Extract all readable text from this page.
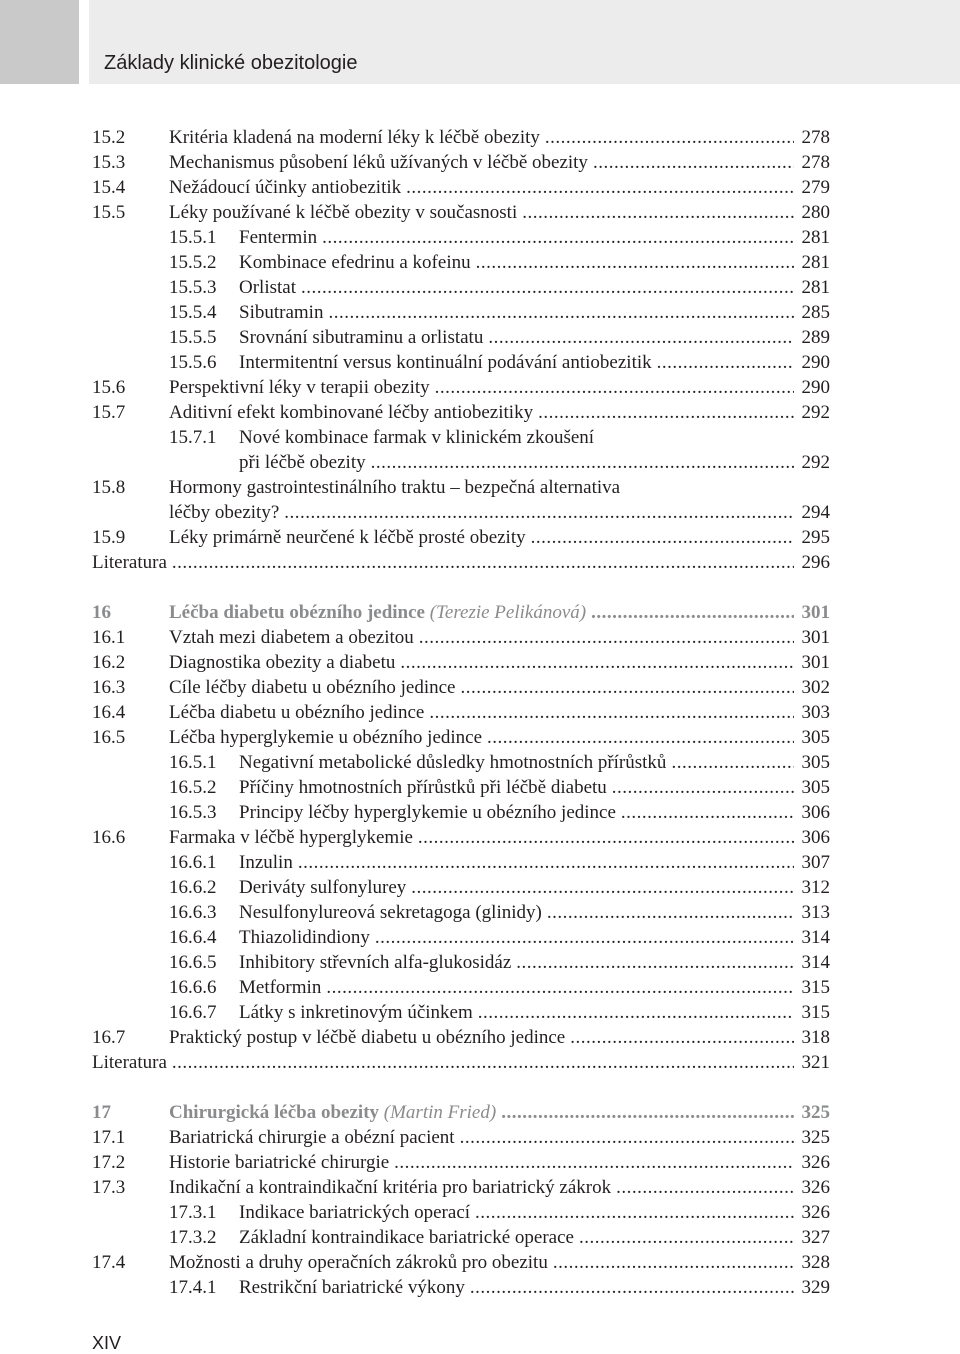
Základy klinické obezitologie
15.2 Kritéria kladená na moderní léky k léčbě obezity .....	278
15.3 Mechanismus působení léků užívaných v léčbě obezity .....	278
15.4 Nežádoucí účinky antiobezitik .....	279
15.5 Léky používané k léčbě obezity v současnosti .....	280
15.5.1 Fentermin .....	281
15.5.2 Kombinace efedrinu a kofeinu .....	281
15.5.3 Orlistat .....	281
15.5.4 Sibutramin .....	285
15.5.5 Srovnání sibutraminu a orlistatu .....	289
15.5.6 Intermitentní versus kontinuální podávání antiobezitik .....	290
15.6 Perspektivní léky v terapii obezity .....	290
15.7 Aditivní efekt kombinované léčby antiobezitiky .....	292
15.7.1 Nové kombinace farmak v klinickém zkoušení
při léčbě obezity .....	292
15.8 Hormony gastrointestinálního traktu – bezpečná alternativa
léčby obezity? .....	294
15.9 Léky primárně neurčené k léčbě prosté obezity .....	295
Literatura .....	296
16	Léčba diabetu obézního jedince (Terezie Pelikánová) .....	301
16.1 Vztah mezi diabetem a obezitou .....	301
16.2 Diagnostika obezity a diabetu .....	301
16.3 Cíle léčby diabetu u obézního jedince .....	302
16.4 Léčba diabetu u obézního jedince .....	303
16.5 Léčba hyperglykemie u obézního jedince .....	305
16.5.1 Negativní metabolické důsledky hmotnostních přírůstků .....	305
16.5.2 Příčiny hmotnostních přírůstků při léčbě diabetu .....	305
16.5.3 Principy léčby hyperglykemie u obézního jedince .....	306
16.6 Farmaka v léčbě hyperglykemie .....	306
16.6.1 Inzulin .....	307
16.6.2 Deriváty sulfonylurey .....	312
16.6.3 Nesulfonylureová sekretagoga (glinidy) .....	313
16.6.4 Thiazolidindiony .....	314
16.6.5 Inhibitory střevních alfa-glukosidáz .....	314
16.6.6 Metformin .....	315
16.6.7 Látky s inkretinovým účinkem .....	315
16.7 Praktický postup v léčbě diabetu u obézního jedince .....	318
Literatura .....	321
17	Chirurgická léčba obezity (Martin Fried) .....	325
17.1 Bariatrická chirurgie a obézní pacient .....	325
17.2 Historie bariatrické chirurgie .....	326
17.3 Indikační a kontraindikační kritéria pro bariatrický zákrok .....	326
17.3.1 Indikace bariatrických operací .....	326
17.3.2 Základní kontraindikace bariatrické operace .....	327
17.4 Možnosti a druhy operačních zákroků pro obezitu .....	328
17.4.1 Restrikční bariatrické výkony .....	329
XIV
